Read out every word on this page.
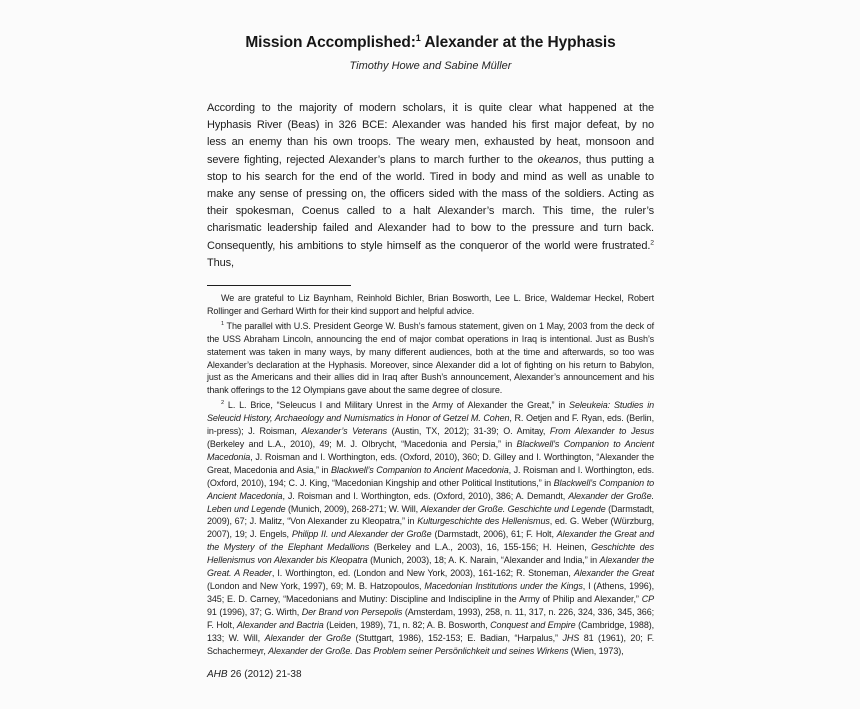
Mission Accomplished:$^1$ Alexander at the Hyphasis
Timothy Howe and Sabine Müller

According to the majority of modern scholars, it is quite clear what happened at the Hyphasis River (Beas) in 326 BCE: Alexander was handed his first major defeat, by no less an enemy than his own troops. The weary men, exhausted by heat, monsoon and severe fighting, rejected Alexander’s plans to march further to the okeanos, thus putting a stop to his search for the end of the world. Tired in body and mind as well as unable to make any sense of pressing on, the officers sided with the mass of the soldiers. Acting as their spokesman, Coenus called to a halt Alexander’s march. This time, the ruler’s charismatic leadership failed and Alexander had to bow to the pressure and turn back. Consequently, his ambitions to style himself as the conqueror of the world were frustrated.$^2$ Thus,

We are grateful to Liz Baynham, Reinhold Bichler, Brian Bosworth, Lee L. Brice, Waldemar Heckel, Robert Rollinger and Gerhard Wirth for their kind support and helpful advice.

$^1$ The parallel with U.S. President George W. Bush’s famous statement, given on 1 May, 2003 from the deck of the USS Abraham Lincoln, announcing the end of major combat operations in Iraq is intentional. Just as Bush’s statement was taken in many ways, by many different audiences, both at the time and afterwards, so too was Alexander’s declaration at the Hyphasis. Moreover, since Alexander did a lot of fighting on his return to Babylon, just as the Americans and their allies did in Iraq after Bush’s announcement, Alexander’s announcement and his thank offerings to the 12 Olympians gave about the same degree of closure.

$^2$ L. L. Brice, “Seleucus I and Military Unrest in the Army of Alexander the Great,” in Seleukeia: Studies in Seleucid History, Archaeology and Numismatics in Honor of Getzel M. Cohen, R. Oetjen and F. Ryan, eds. (Berlin, in-press); J. Roisman, Alexander’s Veterans (Austin, TX, 2012); 31-39; O. Amitay, From Alexander to Jesus (Berkeley and L.A., 2010), 49; M. J. Olbrycht, “Macedonia and Persia,” in Blackwell’s Companion to Ancient Macedonia, J. Roisman and I. Worthington, eds. (Oxford, 2010), 360; D. Gilley and I. Worthington, “Alexander the Great, Macedonia and Asia,” in Blackwell’s Companion to Ancient Macedonia, J. Roisman and I. Worthington, eds. (Oxford, 2010), 194; C. J. King, “Macedonian Kingship and other Political Institutions,” in Blackwell’s Companion to Ancient Macedonia, J. Roisman and I. Worthington, eds. (Oxford, 2010), 386; A. Demandt, Alexander der Große. Leben und Legende (Munich, 2009), 268-271; W. Will, Alexander der Große. Geschichte und Legende (Darmstadt, 2009), 67; J. Malitz, “Von Alexander zu Kleopatra,” in Kulturgeschichte des Hellenismus, ed. G. Weber (Würzburg, 2007), 19; J. Engels, Philipp II. und Alexander der Große (Darmstadt, 2006), 61; F. Holt, Alexander the Great and the Mystery of the Elephant Medallions (Berkeley and L.A., 2003), 16, 155-156; H. Heinen, Geschichte des Hellenismus von Alexander bis Kleopatra (Munich, 2003), 18; A. K. Narain, “Alexander and India,” in Alexander the Great. A Reader, I. Worthington, ed. (London and New York, 2003), 161-162; R. Stoneman, Alexander the Great (London and New York, 1997), 69; M. B. Hatzopoulos, Macedonian Institutions under the Kings, I (Athens, 1996), 345; E. D. Carney, “Macedonians and Mutiny: Discipline and Indiscipline in the Army of Philip and Alexander,” CP 91 (1996), 37; G. Wirth, Der Brand von Persepolis (Amsterdam, 1993), 258, n. 11, 317, n. 226, 324, 336, 345, 366; F. Holt, Alexander and Bactria (Leiden, 1989), 71, n. 82; A. B. Bosworth, Conquest and Empire (Cambridge, 1988), 133; W. Will, Alexander der Große (Stuttgart, 1986), 152-153; E. Badian, “Harpalus,” JHS 81 (1961), 20; F. Schachermeyr, Alexander der Große. Das Problem seiner Persönlichkeit und seines Wirkens (Wien, 1973),

AHB 26 (2012) 21-38
